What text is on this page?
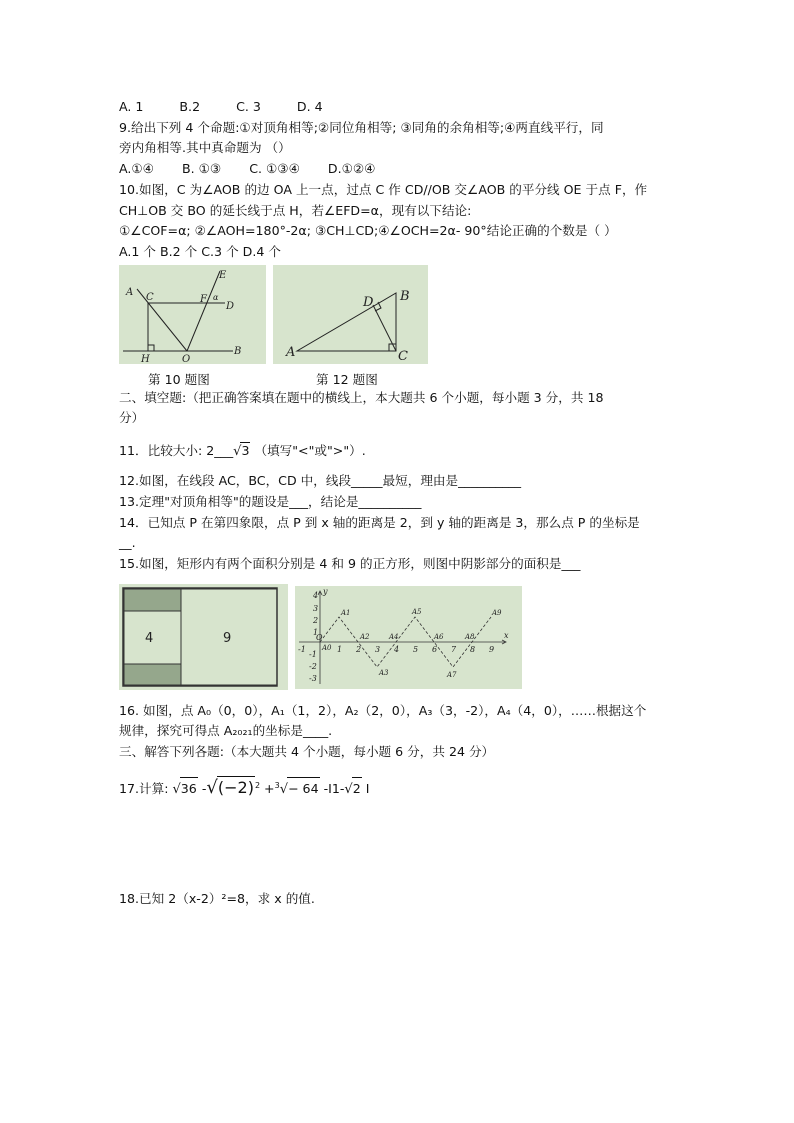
A. 1	B.2	C. 3	D. 4
9.给出下列 4 个命题:①对顶角相等;②同位角相等; ③同角的余角相等;④两直线平行，同
旁内角相等.其中真命题为 （）
A.①④ B. ①③ C. ①③④ D.①②④
10.如图，C 为∠AOB 的边 OA 上一点，过点 C 作 CD//OB 交∠AOB 的平分线 OE 于点 F，作
CH⊥OB 交 BO 的延长线于点 H，若∠EFD=α，现有以下结论:
①∠COF=α; ②∠AOH=180°-2α; ③CH⊥CD;④∠OCH=2α- 90°结论正确的个数是（ ）
A.1 个 B.2 个 C.3 个 D.4 个
A C	F α
E
D
H	O
B
D B
A	C
第 10 题图	第 12 题图
二、填空题:（把正确答案填在题中的横线上，本大题共 6 个小题，每小题 3 分，共 18
分）
11．比较大小: 2___√3 （填写"<"或">"）.
12.如图，在线段 AC，BC，CD 中，线段_____最短，理由是__________
13.定理"对顶角相等"的题设是___，结论是__________
14．已知点 P 在第四象限，点 P 到 x 轴的距离是 2，到 y 轴的距离是 3，那么点 P 的坐标是
__.
15.如图，矩形内有两个面积分别是 4 和 9 的正方形，则图中阴影部分的面积是___
4	9
y
x
4
3
2
1
-1
-2
-3
O
-1	1 2 3 4 5 6 7 8 9
A0
A1
A2
A3
A4
A5
A6
A7
A8
A9
16. 如图，点 A₀（0，0），A₁（1，2），A₂（2，0），A₃（3，-2），A₄（4，0），……根据这个
规律，探究可得点 A₂₀₂₁的坐标是____.
三、解答下列各题:（本大题共 4 个小题，每小题 6 分，共 24 分）
17.计算: √36 $-√(-2)^2 +^3√- 64$ -I1-√2 I
18.已知 2（x-2）²=8，求 x 的值.
